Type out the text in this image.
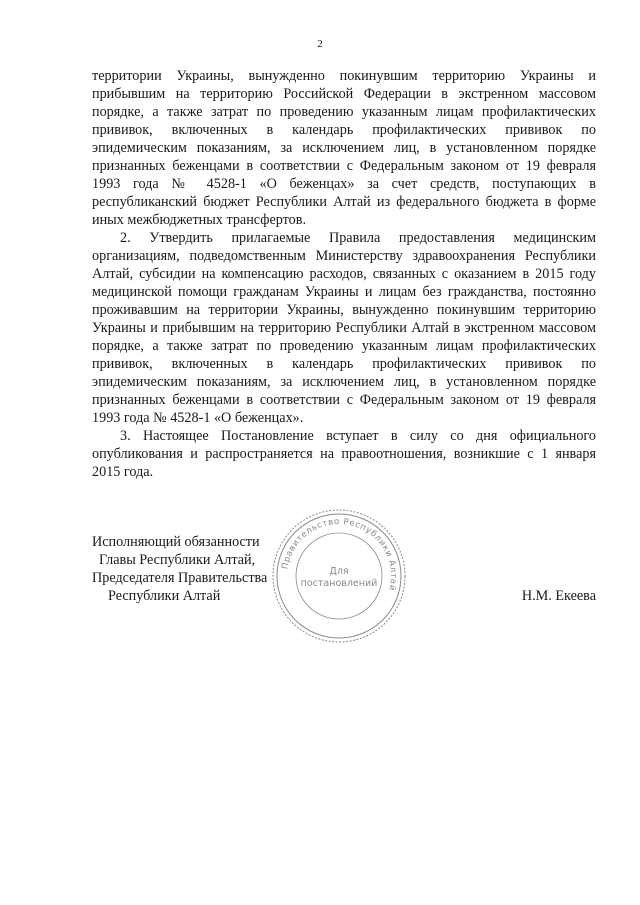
2

территории Украины, вынужденно покинувшим территорию Украины и прибывшим на территорию Российской Федерации в экстренном массовом порядке, а также затрат по проведению указанным лицам профилактических прививок, включенных в календарь профилактических прививок по эпидемическим показаниям, за исключением лиц, в установленном порядке признанных беженцами в соответствии с Федеральным законом от 19 февраля 1993 года № 4528-1 «О беженцах» за счет средств, поступающих в республиканский бюджет Республики Алтай из федерального бюджета в форме иных межбюджетных трансфертов.

2. Утвердить прилагаемые Правила предоставления медицинским организациям, подведомственным Министерству здравоохранения Республики Алтай, субсидии на компенсацию расходов, связанных с оказанием в 2015 году медицинской помощи гражданам Украины и лицам без гражданства, постоянно проживавшим на территории Украины, вынужденно покинувшим территорию Украины и прибывшим на территорию Республики Алтай в экстренном массовом порядке, а также затрат по проведению указанным лицам профилактических прививок, включенных в календарь профилактических прививок по эпидемическим показаниям, за исключением лиц, в установленном порядке признанных беженцами в соответствии с Федеральным законом от 19 февраля 1993 года № 4528-1 «О беженцах».

3. Настоящее Постановление вступает в силу со дня официального опубликования и распространяется на правоотношения, возникшие с 1 января 2015 года.

Исполняющий обязанности
Главы Республики Алтай,
Председателя Правительства
Республики Алтай	Н.М. Екеева
Правительство Республики Алтай
Для
постановлений
